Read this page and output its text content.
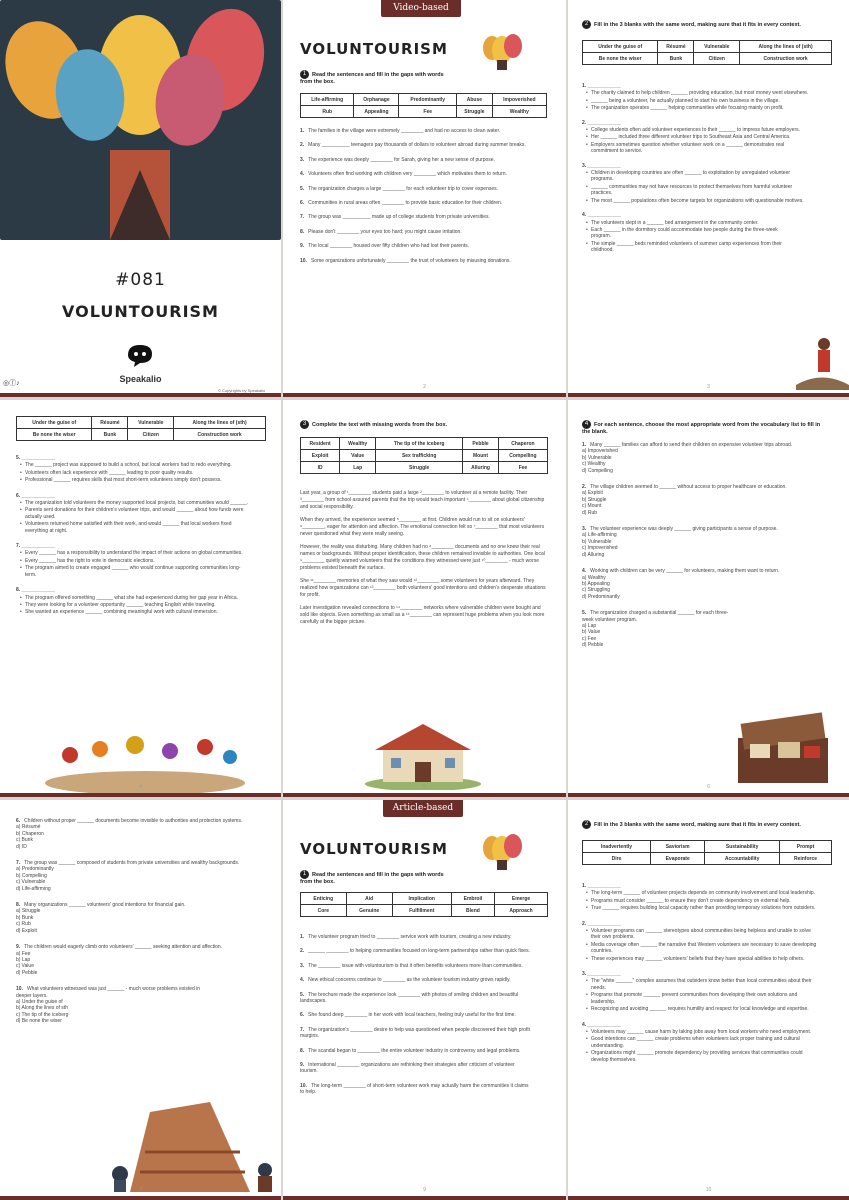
#081
VOLUNTOURISM
Speakalio
◎ⓕ♪
© Copyrights by Speakalio
Video-based
VOLUNTOURISM
1 Read the sentences and fill in the gaps with words from the box.
Life-affirming	Orphanage	Predominantly	Abuse	Impoverished
Rub	Appealing	Fee	Struggle	Wealthy
1. The families in the village were extremely ________ and had no access to clean water.
2. Many __________ teenagers pay thousands of dollars to volunteer abroad during summer breaks.
3. The experience was deeply ________ for Sarah, giving her a new sense of purpose.
4. Volunteers often find working with children very ________ which motivates them to return.
5. The organization charges a large ________ for each volunteer trip to cover expenses.
6. Communities in rural areas often ________ to provide basic education for their children.
7. The group was __________ made up of college students from private universities.
8. Please don't ________ your eyes too hard; you might cause irritation.
9. The local ________ housed over fifty children who had lost their parents.
10. Some organizations unfortunately ________ the trust of volunteers by misusing donations.
2
2 Fill in the 3 blanks with the same word, making sure that it fits in every context.
Under the guise of	Résumé	Vulnerable	Along the lines of (sth)
Be none the wiser	Bunk	Citizen	Construction work
1. ____________
• The charity claimed to help children ______ providing education, but most money went elsewhere.
• ______ being a volunteer, he actually planned to start his own business in the village.
• The organization operates ______ helping communities while focusing mainly on profit.
2. ____________
• College students often add volunteer experiences to their ______ to impress future employers.
• Her ______ included three different volunteer trips to Southeast Asia and Central America.
• Employers sometimes question whether volunteer work on a ______ demonstrates real commitment to service.
3. ____________
• Children in developing countries are often ______ to exploitation by unregulated volunteer programs.
• ______ communities may not have resources to protect themselves from harmful volunteer practices.
• The most ______ populations often become targets for organizations with questionable motives.
4. ____________
• The volunteers slept in a ______ bed arrangement in the community center.
• Each ______ in the dormitory could accommodate two people during the three-week program.
• The simple ______ beds reminded volunteers of summer camp experiences from their childhood.
3
Under the guise of	Résumé	Vulnerable	Along the lines of (sth)
Be none the wiser	Bunk	Citizen	Construction work
5. ____________
• The ______ project was supposed to build a school, but local workers had to redo everything.
• Volunteers often lack experience with ______ leading to poor quality results.
• Professional ______ requires skills that most short-term volunteers simply don't possess.
6. ____________
• The organization told volunteers the money supported local projects, but communities would ______.
• Parents sent donations for their children's volunteer trips, and would ______ about how funds were actually used.
• Volunteers returned home satisfied with their work, and would ______ that local workers fixed everything at night.
7. ____________
• Every ______ has a responsibility to understand the impact of their actions on global communities.
• Every ______ has the right to vote in democratic elections.
• The program aimed to create engaged ______ who would continue supporting communities long-term.
8. ____________
• The program offered something ______ what she had experienced during her gap year in Africa.
• They were looking for a volunteer opportunity ______ teaching English while traveling.
• She wanted an experience ______ combining meaningful work with cultural immersion.
4
3 Complete the text with missing words from the box.
Resident	Wealthy	The tip of the iceberg	Pebble	Chaperon
Exploit	Value	Sex trafficking	Mount	Compelling
ID	Lap	Struggle	Alluring	Fee

Last year, a group of ¹________ students paid a large ²________ to volunteer at a remote facility. Their ³________ from school assured parents that the trip would teach important ⁴________ about global citizenship and social responsibility.

When they arrived, the experience seemed ⁵________ at first. Children would run to sit on volunteers' ⁶________, eager for attention and affection. The emotional connection felt so ⁷________ that most volunteers never questioned what they were really seeing.

However, the reality was disturbing. Many children had no ⁸________ documents and no one knew their real names or backgrounds. Without proper identification, these children remained invisible to authorities. One local ⁹________ quietly warned volunteers that the conditions they witnessed were just ¹⁰________ - much worse problems existed beneath the surface.

She ¹¹________ memories of what they saw would ¹²________ some volunteers for years afterward. They realized how organizations can ¹³________ both volunteers' good intentions and children's desperate situations for profit.

Later investigation revealed connections to ¹⁴________ networks where vulnerable children were bought and sold like objects. Even something as small as a ¹⁵________ can represent huge problems when you look more carefully at the bigger picture.

5
4 For each sentence, choose the most appropriate word from the vocabulary list to fill in the blank.
1. Many ______ families can afford to send their children on expensive volunteer trips abroad.
a) Impoverished
b) Vulnerable
c) Wealthy
d) Compelling
2. The village children seemed to ______ without access to proper healthcare or education.
a) Exploit
b) Struggle
c) Mount
d) Rub
3. The volunteer experience was deeply ______ giving participants a sense of purpose.
a) Life-affirming
b) Vulnerable
c) Impoverished
d) Alluring
4. Working with children can be very ______ for volunteers, making them want to return.
a) Wealthy
b) Appealing
c) Struggling
d) Predominantly
5. The organization charged a substantial ______ for each three-week volunteer program.
a) Lap
b) Value
c) Fee
d) Pebble
6
6. Children without proper ______ documents become invisible to authorities and protection systems.
a) Résumé
b) Chaperon
c) Bunk
d) ID
7. The group was ______ composed of students from private universities and wealthy backgrounds.
a) Predominantly
b) Compelling
c) Vulnerable
d) Life-affirming
8. Many organizations ______ volunteers' good intentions for financial gain.
a) Struggle
b) Bunk
c) Rub
d) Exploit
9. The children would eagerly climb onto volunteers' ______ seeking attention and affection.
a) Fee
b) Lap
c) Value
d) Pebble
10. What volunteers witnessed was just ______ - much worse problems existed in deeper layers.
a) Under the guise of
b) Along the lines of sth
c) The tip of the iceberg
d) Be none the wiser
7
Article-based
VOLUNTOURISM
1 Read the sentences and fill in the gaps with words from the box.
Enticing	Aid	Implication	Embroil	Emerge
Core	Genuine	Fulfillment	Blend	Approach
1. The volunteer program tried to ________ service work with tourism, creating a new industry.
2. ______ ________ to helping communities focused on long-term partnerships rather than quick fixes.
3. The ________ issue with voluntourism is that it often benefits volunteers more than communities.
4. New ethical concerns continue to ________ as the volunteer tourism industry grows rapidly.
5. The brochure made the experience look ________ with photos of smiling children and beautiful landscapes.
6. She found deep ________ in her work with local teachers, feeling truly useful for the first time.
7. The organization's ________ desire to help was questioned when people discovered their high profit margins.
8. The scandal began to ________ the entire volunteer industry in controversy and legal problems.
9. International ________ organizations are rethinking their strategies after criticism of volunteer tourism.
10. The long-term ________ of short-term volunteer work may actually harm the communities it claims to help.
9
2 Fill in the 3 blanks with the same word, making sure that it fits in every context.
Inadvertently	Saviorism	Sustainability	Prompt
Dire	Evaporate	Accountability	Reinforce
1. ____________
• The long-term ______ of volunteer projects depends on community involvement and local leadership.
• Programs must consider ______ to ensure they don't create dependency on external help.
• True ______ requires building local capacity rather than providing temporary solutions from outsiders.
2. ____________
• Volunteer programs can ______ stereotypes about communities being helpless and unable to solve their own problems.
• Media coverage often ______ the narrative that Western volunteers are necessary to save developing countries.
• These experiences may ______ volunteers' beliefs that they have special abilities to help others.
3. ____________
• The "white ______" complex assumes that outsiders know better than local communities about their needs.
• Programs that promote ______ prevent communities from developing their own solutions and leadership.
• Recognizing and avoiding ______ requires humility and respect for local knowledge and expertise.
4. ____________
• Volunteers may ______ cause harm by taking jobs away from local workers who need employment.
• Good intentions can ______ create problems when volunteers lack proper training and cultural understanding.
• Organizations might ______ promote dependency by providing services that communities could develop themselves.
10
